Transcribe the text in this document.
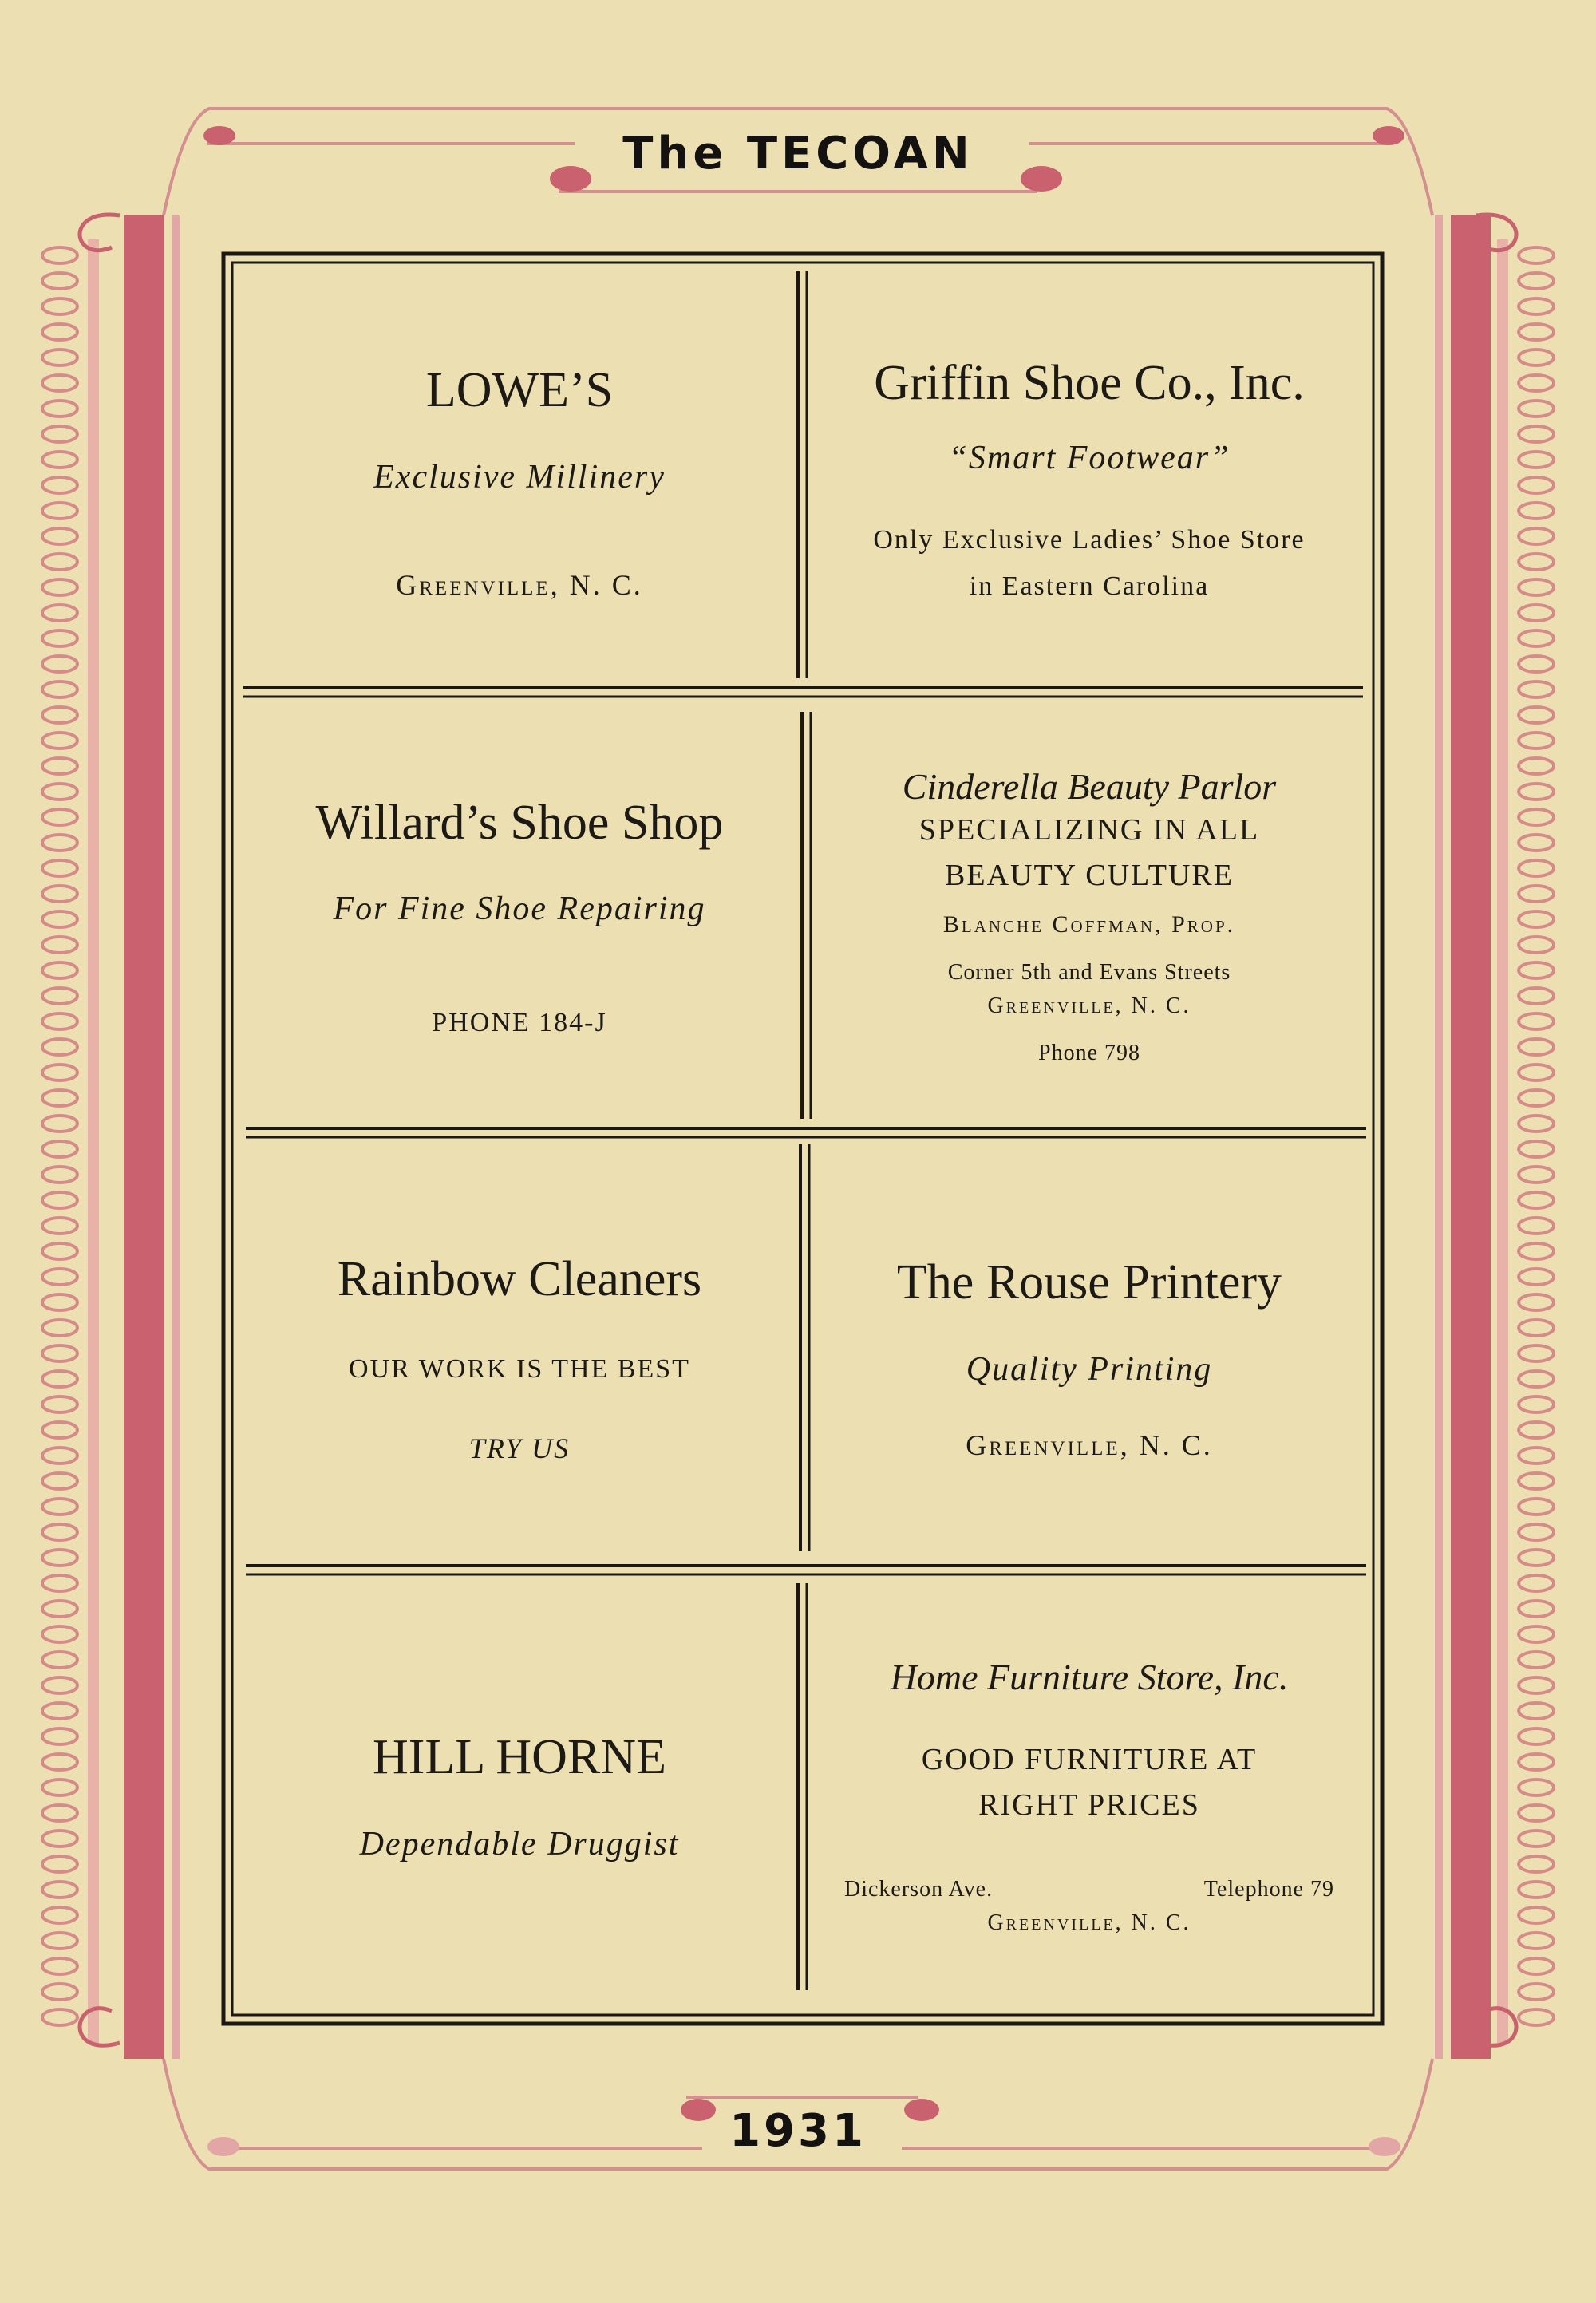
The TECOAN
LOWE’S
Exclusive Millinery
Greenville, N. C.
Griffin Shoe Co., Inc.
“Smart Footwear”
Only Exclusive Ladies’ Shoe Store
in Eastern Carolina
Willard’s Shoe Shop
For Fine Shoe Repairing
PHONE 184-J
Cinderella Beauty Parlor
SPECIALIZING IN ALL
BEAUTY CULTURE
Blanche Coffman, Prop.
Corner 5th and Evans Streets
Greenville, N. C.
Phone 798
Rainbow Cleaners
OUR WORK IS THE BEST
TRY US
The Rouse Printery
Quality Printing
Greenville, N. C.
HILL HORNE
Dependable Druggist
Home Furniture Store, Inc.
GOOD FURNITURE AT
RIGHT PRICES
Dickerson Ave.	Telephone 79
Greenville, N. C.
1931
